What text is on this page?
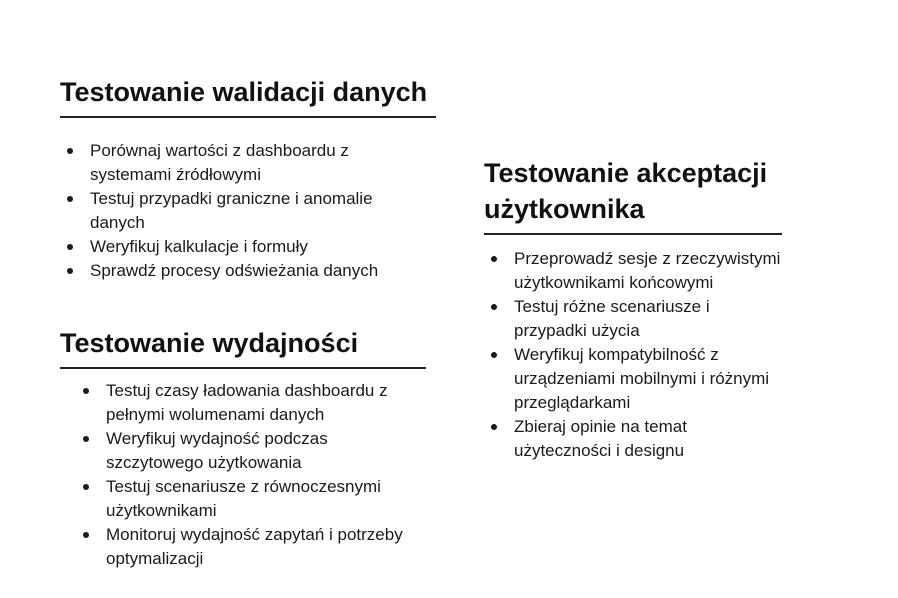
Testowanie walidacji danych
Porównaj wartości z dashboardu z systemami źródłowymi
Testuj przypadki graniczne i anomalie danych
Weryfikuj kalkulacje i formuły
Sprawdź procesy odświeżania danych
Testowanie wydajności
Testuj czasy ładowania dashboardu z pełnymi wolumenami danych
Weryfikuj wydajność podczas szczytowego użytkowania
Testuj scenariusze z równoczesnymi użytkownikami
Monitoruj wydajność zapytań i potrzeby optymalizacji
Testowanie akceptacji użytkownika
Przeprowadź sesje z rzeczywistymi użytkownikami końcowymi
Testuj różne scenariusze i przypadki użycia
Weryfikuj kompatybilność z urządzeniami mobilnymi i różnymi przeglądarkami
Zbieraj opinie na temat użyteczności i designu
